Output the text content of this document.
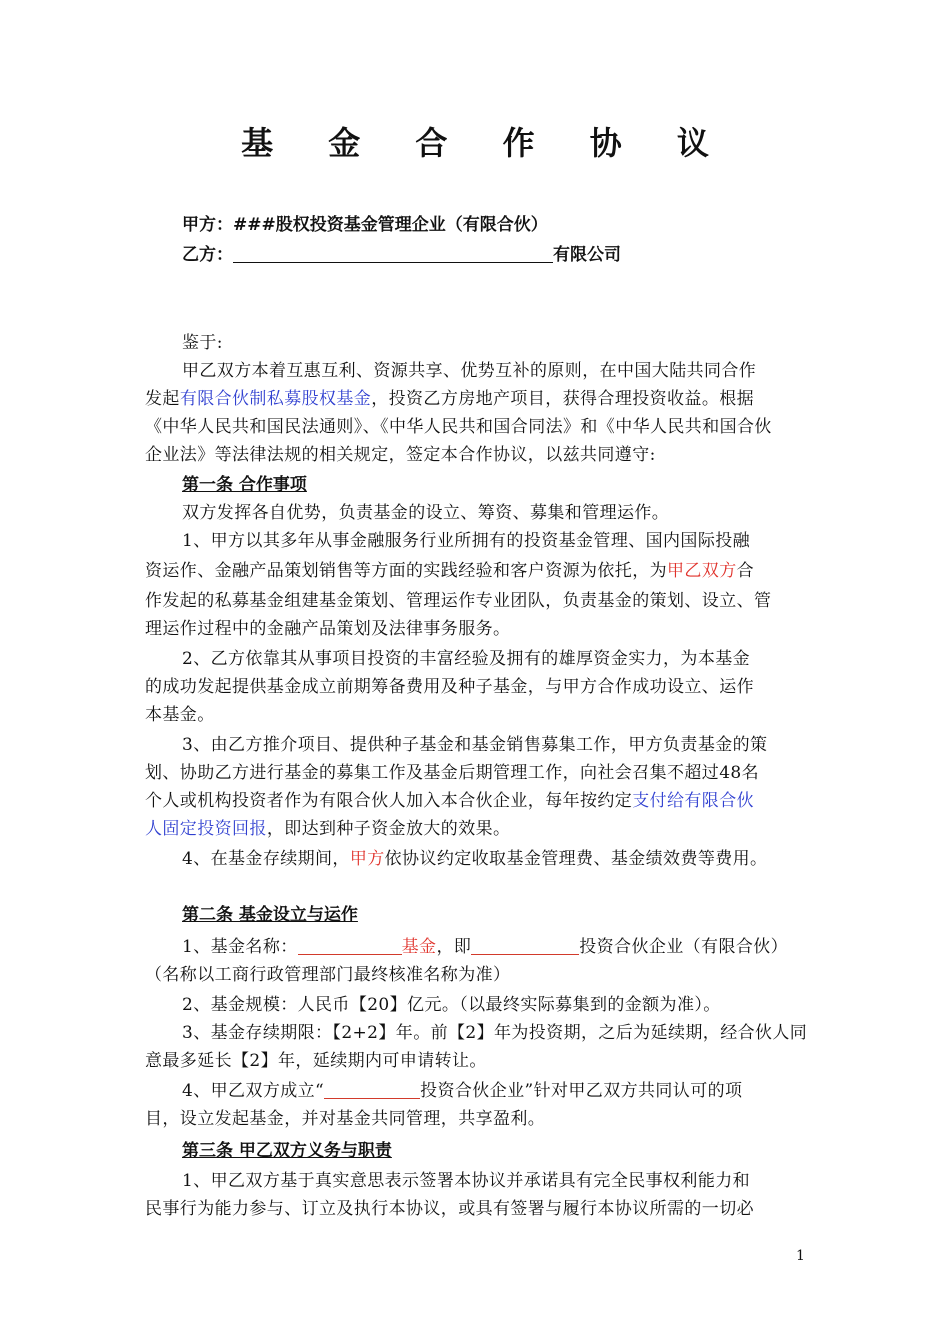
基 金 合 作 协 议
甲方：###股权投资基金管理企业（有限合伙）
乙方：	有限公司
鉴于:
甲乙双方本着互惠互利、资源共享、优势互补的原则，在中国大陆共同合作
发起有限合伙制私募股权基金，投资乙方房地产项目，获得合理投资收益。根据
《中华人民共和国民法通则》、《中华人民共和国合同法》和《中华人民共和国合伙
企业法》等法律法规的相关规定，签定本合作协议，以兹共同遵守:
第一条 合作事项
双方发挥各自优势，负责基金的设立、筹资、募集和管理运作。
1、甲方以其多年从事金融服务行业所拥有的投资基金管理、国内国际投融
资运作、金融产品策划销售等方面的实践经验和客户资源为依托，为甲乙双方合
作发起的私募基金组建基金策划、管理运作专业团队，负责基金的策划、设立、管
理运作过程中的金融产品策划及法律事务服务。
2、乙方依靠其从事项目投资的丰富经验及拥有的雄厚资金实力，为本基金
的成功发起提供基金成立前期筹备费用及种子基金，与甲方合作成功设立、运作
本基金。
3、由乙方推介项目、提供种子基金和基金销售募集工作，甲方负责基金的策
划、协助乙方进行基金的募集工作及基金后期管理工作，向社会召集不超过48名
个人或机构投资者作为有限合伙人加入本合伙企业，每年按约定支付给有限合伙
人固定投资回报，即达到种子资金放大的效果。
4、在基金存续期间，甲方依协议约定收取基金管理费、基金绩效费等费用。
第二条 基金设立与运作
1、基金名称：	基金，即	投资合伙企业（有限合伙）
（名称以工商行政管理部门最终核准名称为准）
2、基金规模：人民币【20】亿元。（以最终实际募集到的金额为准）。
3、基金存续期限：【2+2】年。前【2】年为投资期，之后为延续期，经合伙人同
意最多延长【2】年，延续期内可申请转让。
4、甲乙双方成立“	投资合伙企业”针对甲乙双方共同认可的项
目，设立发起基金，并对基金共同管理，共享盈利。
第三条 甲乙双方义务与职责
1、甲乙双方基于真实意思表示签署本协议并承诺具有完全民事权利能力和
民事行为能力参与、订立及执行本协议，或具有签署与履行本协议所需的一切必
1
